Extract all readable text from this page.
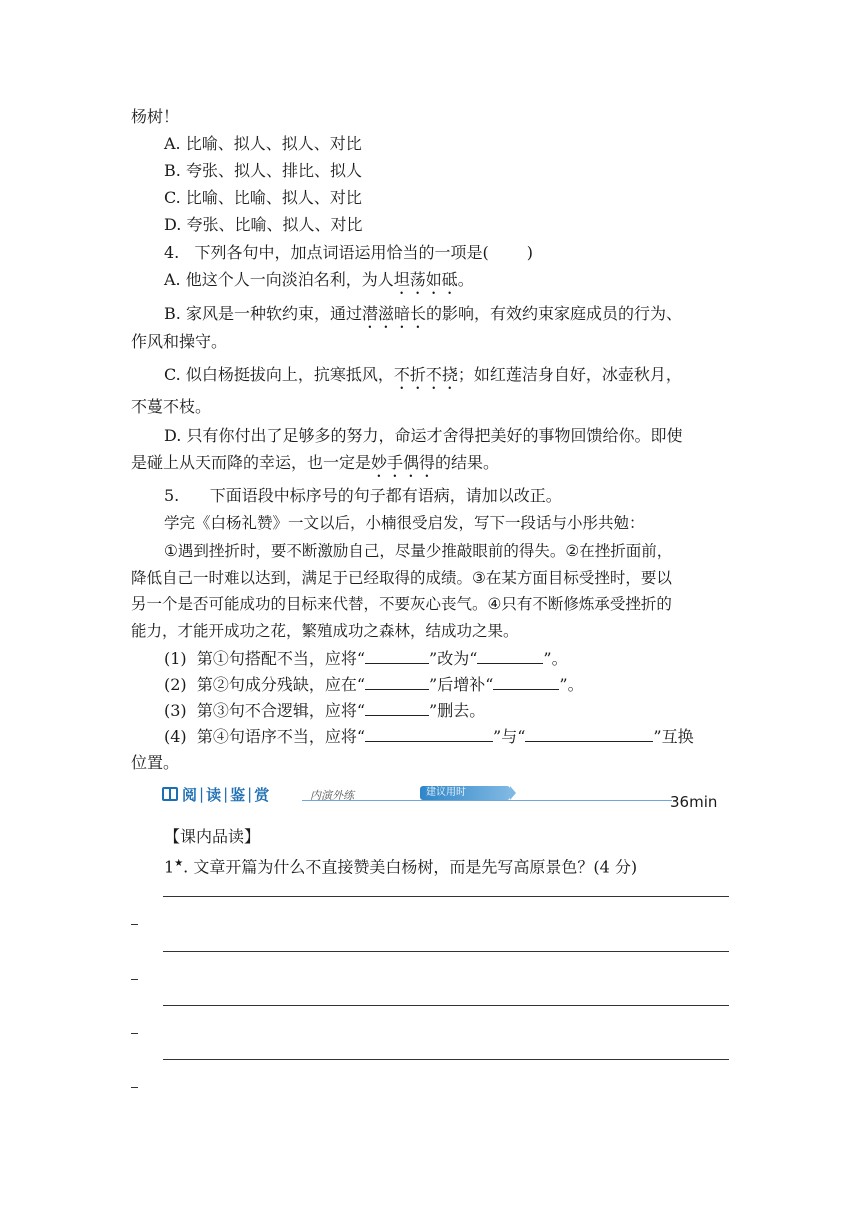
杨树！
A. 比喻、拟人、拟人、对比
B. 夸张、拟人、排比、拟人
C. 比喻、比喻、拟人、对比
D. 夸张、比喻、拟人、对比
4. 下列各句中，加点词语运用恰当的一项是( )
A. 他这个人一向淡泊名利，为人坦荡如砥。
B. 家风是一种软约束，通过潜滋暗长的影响，有效约束家庭成员的行为、
作风和操守。
C. 似白杨挺拔向上，抗寒抵风，不折不挠；如红莲洁身自好，冰壶秋月，
不蔓不枝。
D. 只有你付出了足够多的努力，命运才舍得把美好的事物回馈给你。即使
是碰上从天而降的幸运，也一定是妙手偶得的结果。
5. 下面语段中标序号的句子都有语病，请加以改正。
学完《白杨礼赞》一文以后，小楠很受启发，写下一段话与小彤共勉：
①遇到挫折时，要不断激励自己，尽量少推敲眼前的得失。②在挫折面前，
降低自己一时难以达到，满足于已经取得的成绩。③在某方面目标受挫时，要以
另一个是否可能成功的目标来代替，不要灰心丧气。④只有不断修炼承受挫折的
能力，才能开成功之花，繁殖成功之森林，结成功之果。
(1) 第①句搭配不当，应将“	”改为“	”。
(2) 第②句成分残缺，应在“	”后增补“	”。
(3) 第③句不合逻辑，应将“	”删去。
(4) 第④句语序不当，应将“	”与“	”互换
位置。
阅 | 读 | 鉴 | 赏	内演外练	建议用时
36min
【课内品读】
1★. 文章开篇为什么不直接赞美白杨树，而是先写高原景色？(4 分)
